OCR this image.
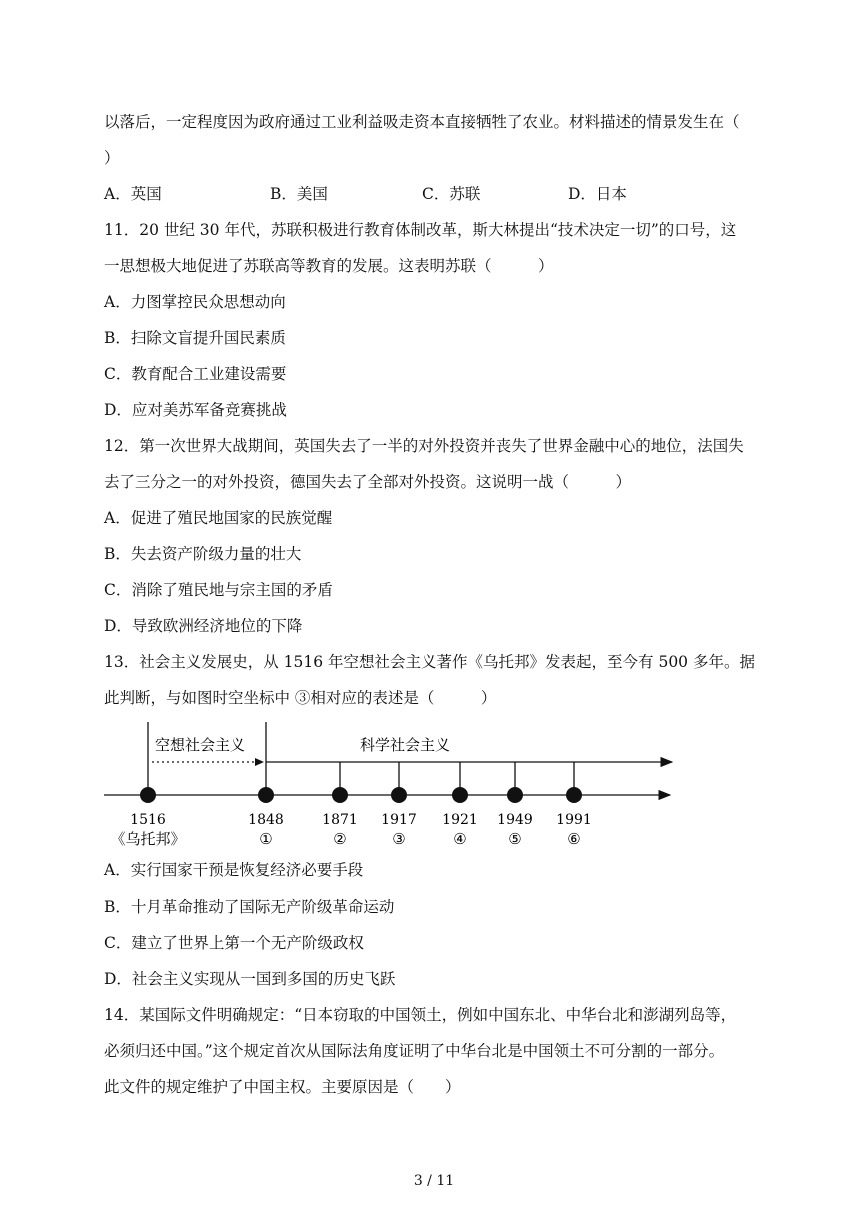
以落后，一定程度因为政府通过工业利益吸走资本直接牺牲了农业。材料描述的情景发生在（
）
A．英国	B．美国	C．苏联	D．日本
11．20 世纪 30 年代，苏联积极进行教育体制改革，斯大林提出“技术决定一切”的口号，这
一思想极大地促进了苏联高等教育的发展。这表明苏联（　　　）
A．力图掌控民众思想动向
B．扫除文盲提升国民素质
C．教育配合工业建设需要
D．应对美苏军备竞赛挑战
12．第一次世界大战期间，英国失去了一半的对外投资并丧失了世界金融中心的地位，法国失
去了三分之一的对外投资，德国失去了全部对外投资。这说明一战（　　　）
A．促进了殖民地国家的民族觉醒
B．失去资产阶级力量的壮大
C．消除了殖民地与宗主国的矛盾
D．导致欧洲经济地位的下降
13．社会主义发展史，从 1516 年空想社会主义著作《乌托邦》发表起，至今有 500 多年。据
此判断，与如图时空坐标中 ③相对应的表述是（　　　）
空想社会主义	科学社会主义
1516
《乌托邦》
1848
①
1871
②
1917
③
1921
④
1949
⑤
1991
⑥
A．实行国家干预是恢复经济必要手段
B．十月革命推动了国际无产阶级革命运动
C．建立了世界上第一个无产阶级政权
D．社会主义实现从一国到多国的历史飞跃
14．某国际文件明确规定：“日本窃取的中国领土，例如中国东北、中华台北和澎湖列岛等，
必须归还中国。”这个规定首次从国际法角度证明了中华台北是中国领土不可分割的一部分。
此文件的规定维护了中国主权。主要原因是（　　）
3 / 11
